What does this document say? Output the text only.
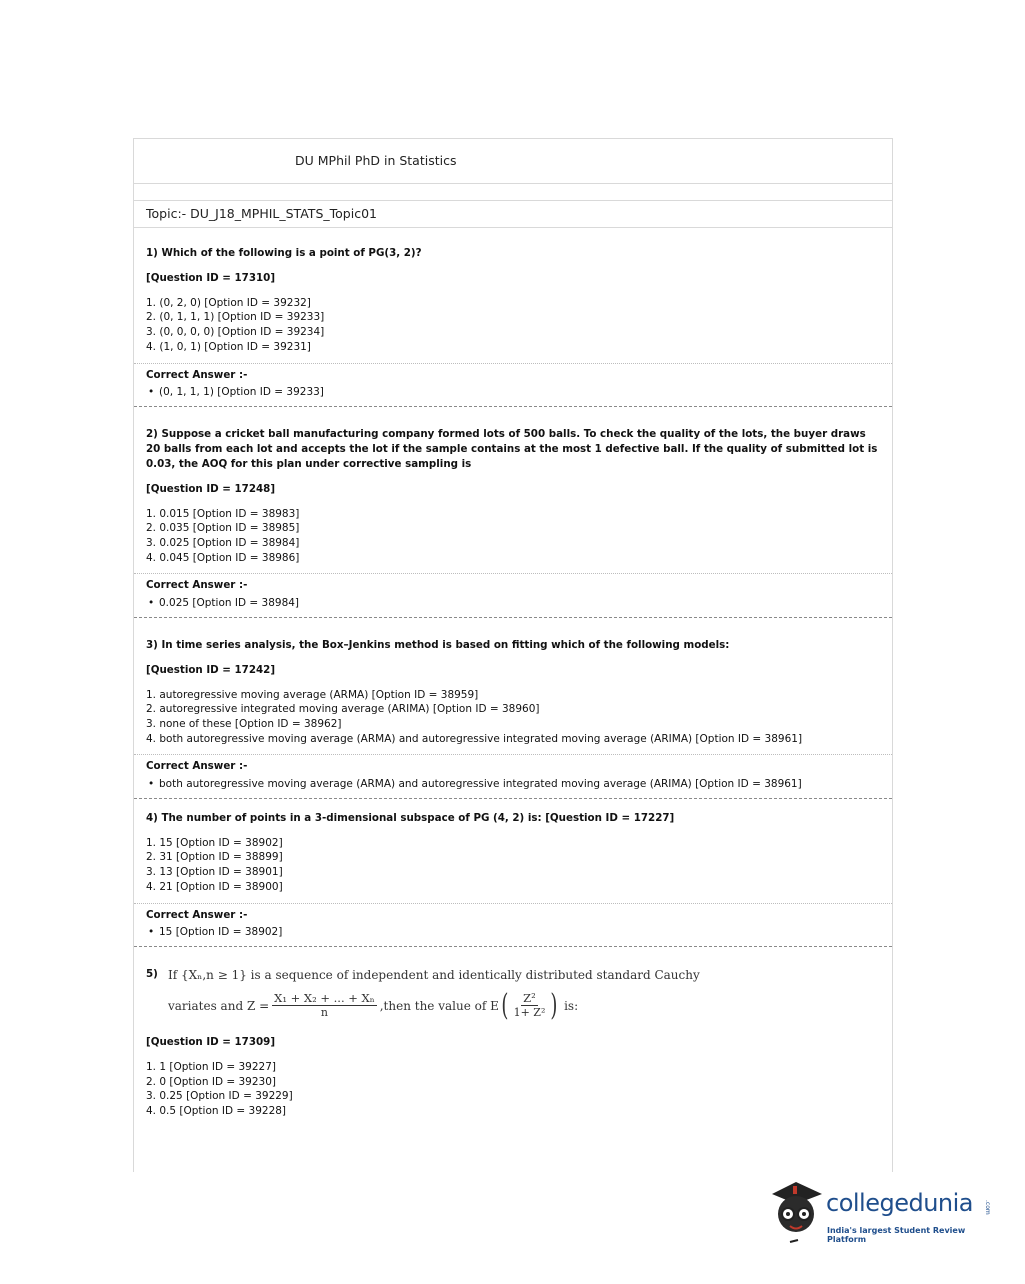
DU MPhil PhD in Statistics
Topic:- DU_J18_MPHIL_STATS_Topic01
1) Which of the following is a point of PG(3, 2)?
[Question ID = 17310]
1. (0, 2, 0) [Option ID = 39232]
2. (0, 1, 1, 1) [Option ID = 39233]
3. (0, 0, 0, 0) [Option ID = 39234]
4. (1, 0, 1) [Option ID = 39231]
Correct Answer :-
• (0, 1, 1, 1) [Option ID = 39233]
2) Suppose a cricket ball manufacturing company formed lots of 500 balls. To check the quality of the lots, the buyer draws 20 balls from each lot and accepts the lot if the sample contains at the most 1 defective ball. If the quality of submitted lot is 0.03, the AOQ for this plan under corrective sampling is
[Question ID = 17248]
1. 0.015 [Option ID = 38983]
2. 0.035 [Option ID = 38985]
3. 0.025 [Option ID = 38984]
4. 0.045 [Option ID = 38986]
Correct Answer :-
• 0.025 [Option ID = 38984]
3) In time series analysis, the Box–Jenkins method is based on fitting which of the following models:
[Question ID = 17242]
1. autoregressive moving average (ARMA) [Option ID = 38959]
2. autoregressive integrated moving average (ARIMA) [Option ID = 38960]
3. none of these [Option ID = 38962]
4. both autoregressive moving average (ARMA) and autoregressive integrated moving average (ARIMA) [Option ID = 38961]
Correct Answer :-
• both autoregressive moving average (ARMA) and autoregressive integrated moving average (ARIMA) [Option ID = 38961]
4) The number of points in a 3-dimensional subspace of PG (4, 2) is: [Question ID = 17227]
1. 15 [Option ID = 38902]
2. 31 [Option ID = 38899]
3. 13 [Option ID = 38901]
4. 21 [Option ID = 38900]
Correct Answer :-
• 15 [Option ID = 38902]
5) If {Xₙ,n ≥ 1} is a sequence of independent and identically distributed standard Cauchy
variates and $Z = \frac{\text{X₁ + X₂ + ... + Xₙ}}{n}$ ,then the value of E ( $\frac{\text{Z²}}{\text{1+ Z²}}$ ) is:
[Question ID = 17309]
1. 1 [Option ID = 39227]
2. 0 [Option ID = 39230]
3. 0.25 [Option ID = 39229]
4. 0.5 [Option ID = 39228]
collegedunia .com
India's largest Student Review Platform
